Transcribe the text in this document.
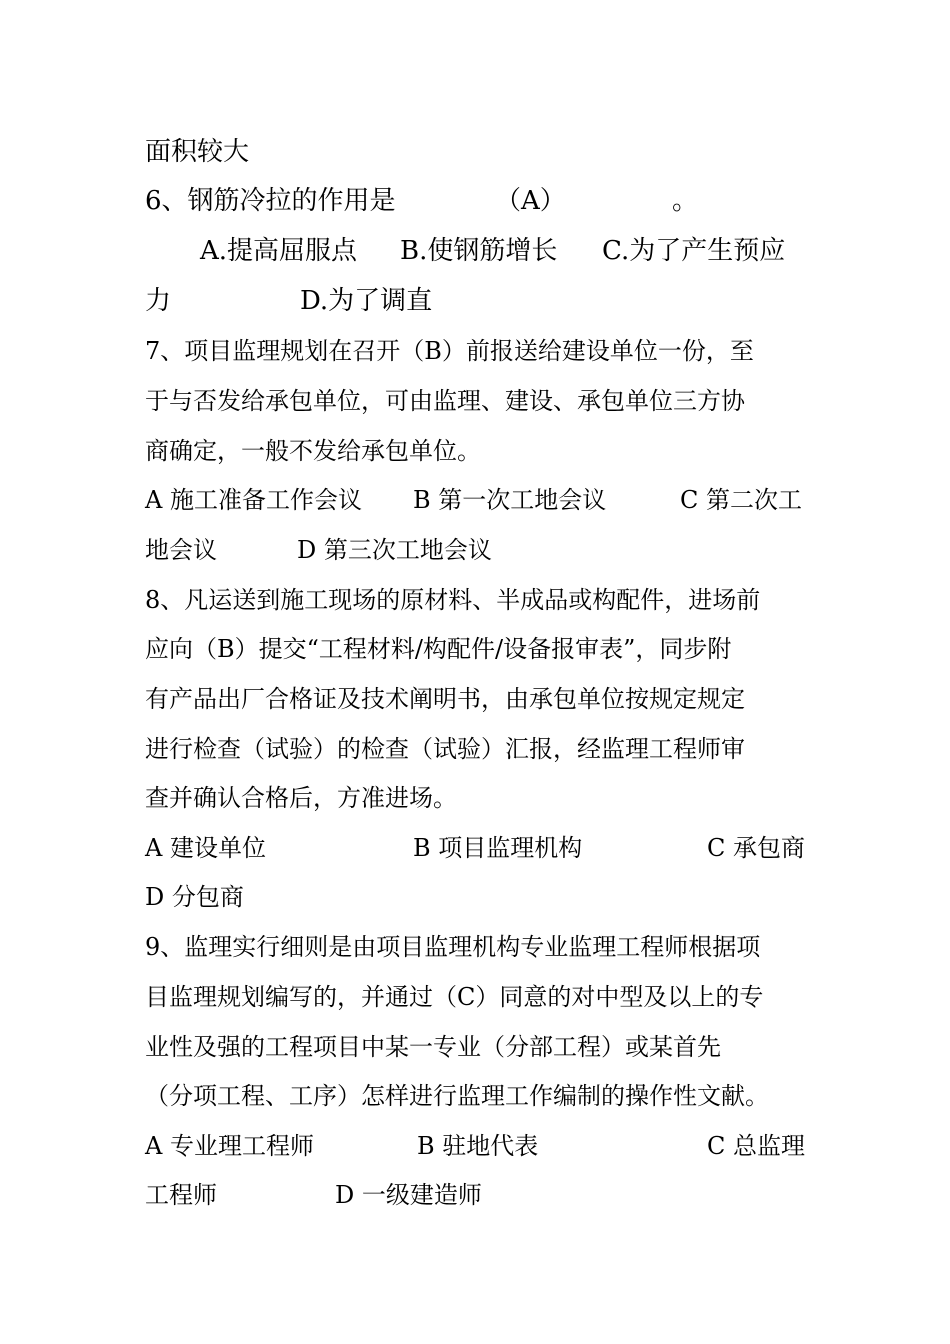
面积较大
6、钢筋冷拉的作用是	（A）	。
A.提高屈服点 B.使钢筋增长 C.为了产生预应
力	D.为了调直
7、项目监理规划在召开（B）前报送给建设单位一份，至
于与否发给承包单位，可由监理、建设、承包单位三方协
商确定，一般不发给承包单位。
A 施工准备工作会议 B 第一次工地会议	C 第二次工
地会议	D 第三次工地会议
8、凡运送到施工现场的原材料、半成品或构配件，进场前
应向（B）提交“工程材料/构配件/设备报审表”，同步附
有产品出厂合格证及技术阐明书，由承包单位按规定规定
进行检查（试验）的检查（试验）汇报，经监理工程师审
查并确认合格后，方准进场。
A 建设单位	B 项目监理机构	C 承包商
D 分包商
9、监理实行细则是由项目监理机构专业监理工程师根据项
目监理规划编写的，并通过（C）同意的对中型及以上的专
业性及强的工程项目中某一专业（分部工程）或某首先
（分项工程、工序）怎样进行监理工作编制的操作性文献。
A 专业理工程师	B 驻地代表	C 总监理
工程师	D 一级建造师
